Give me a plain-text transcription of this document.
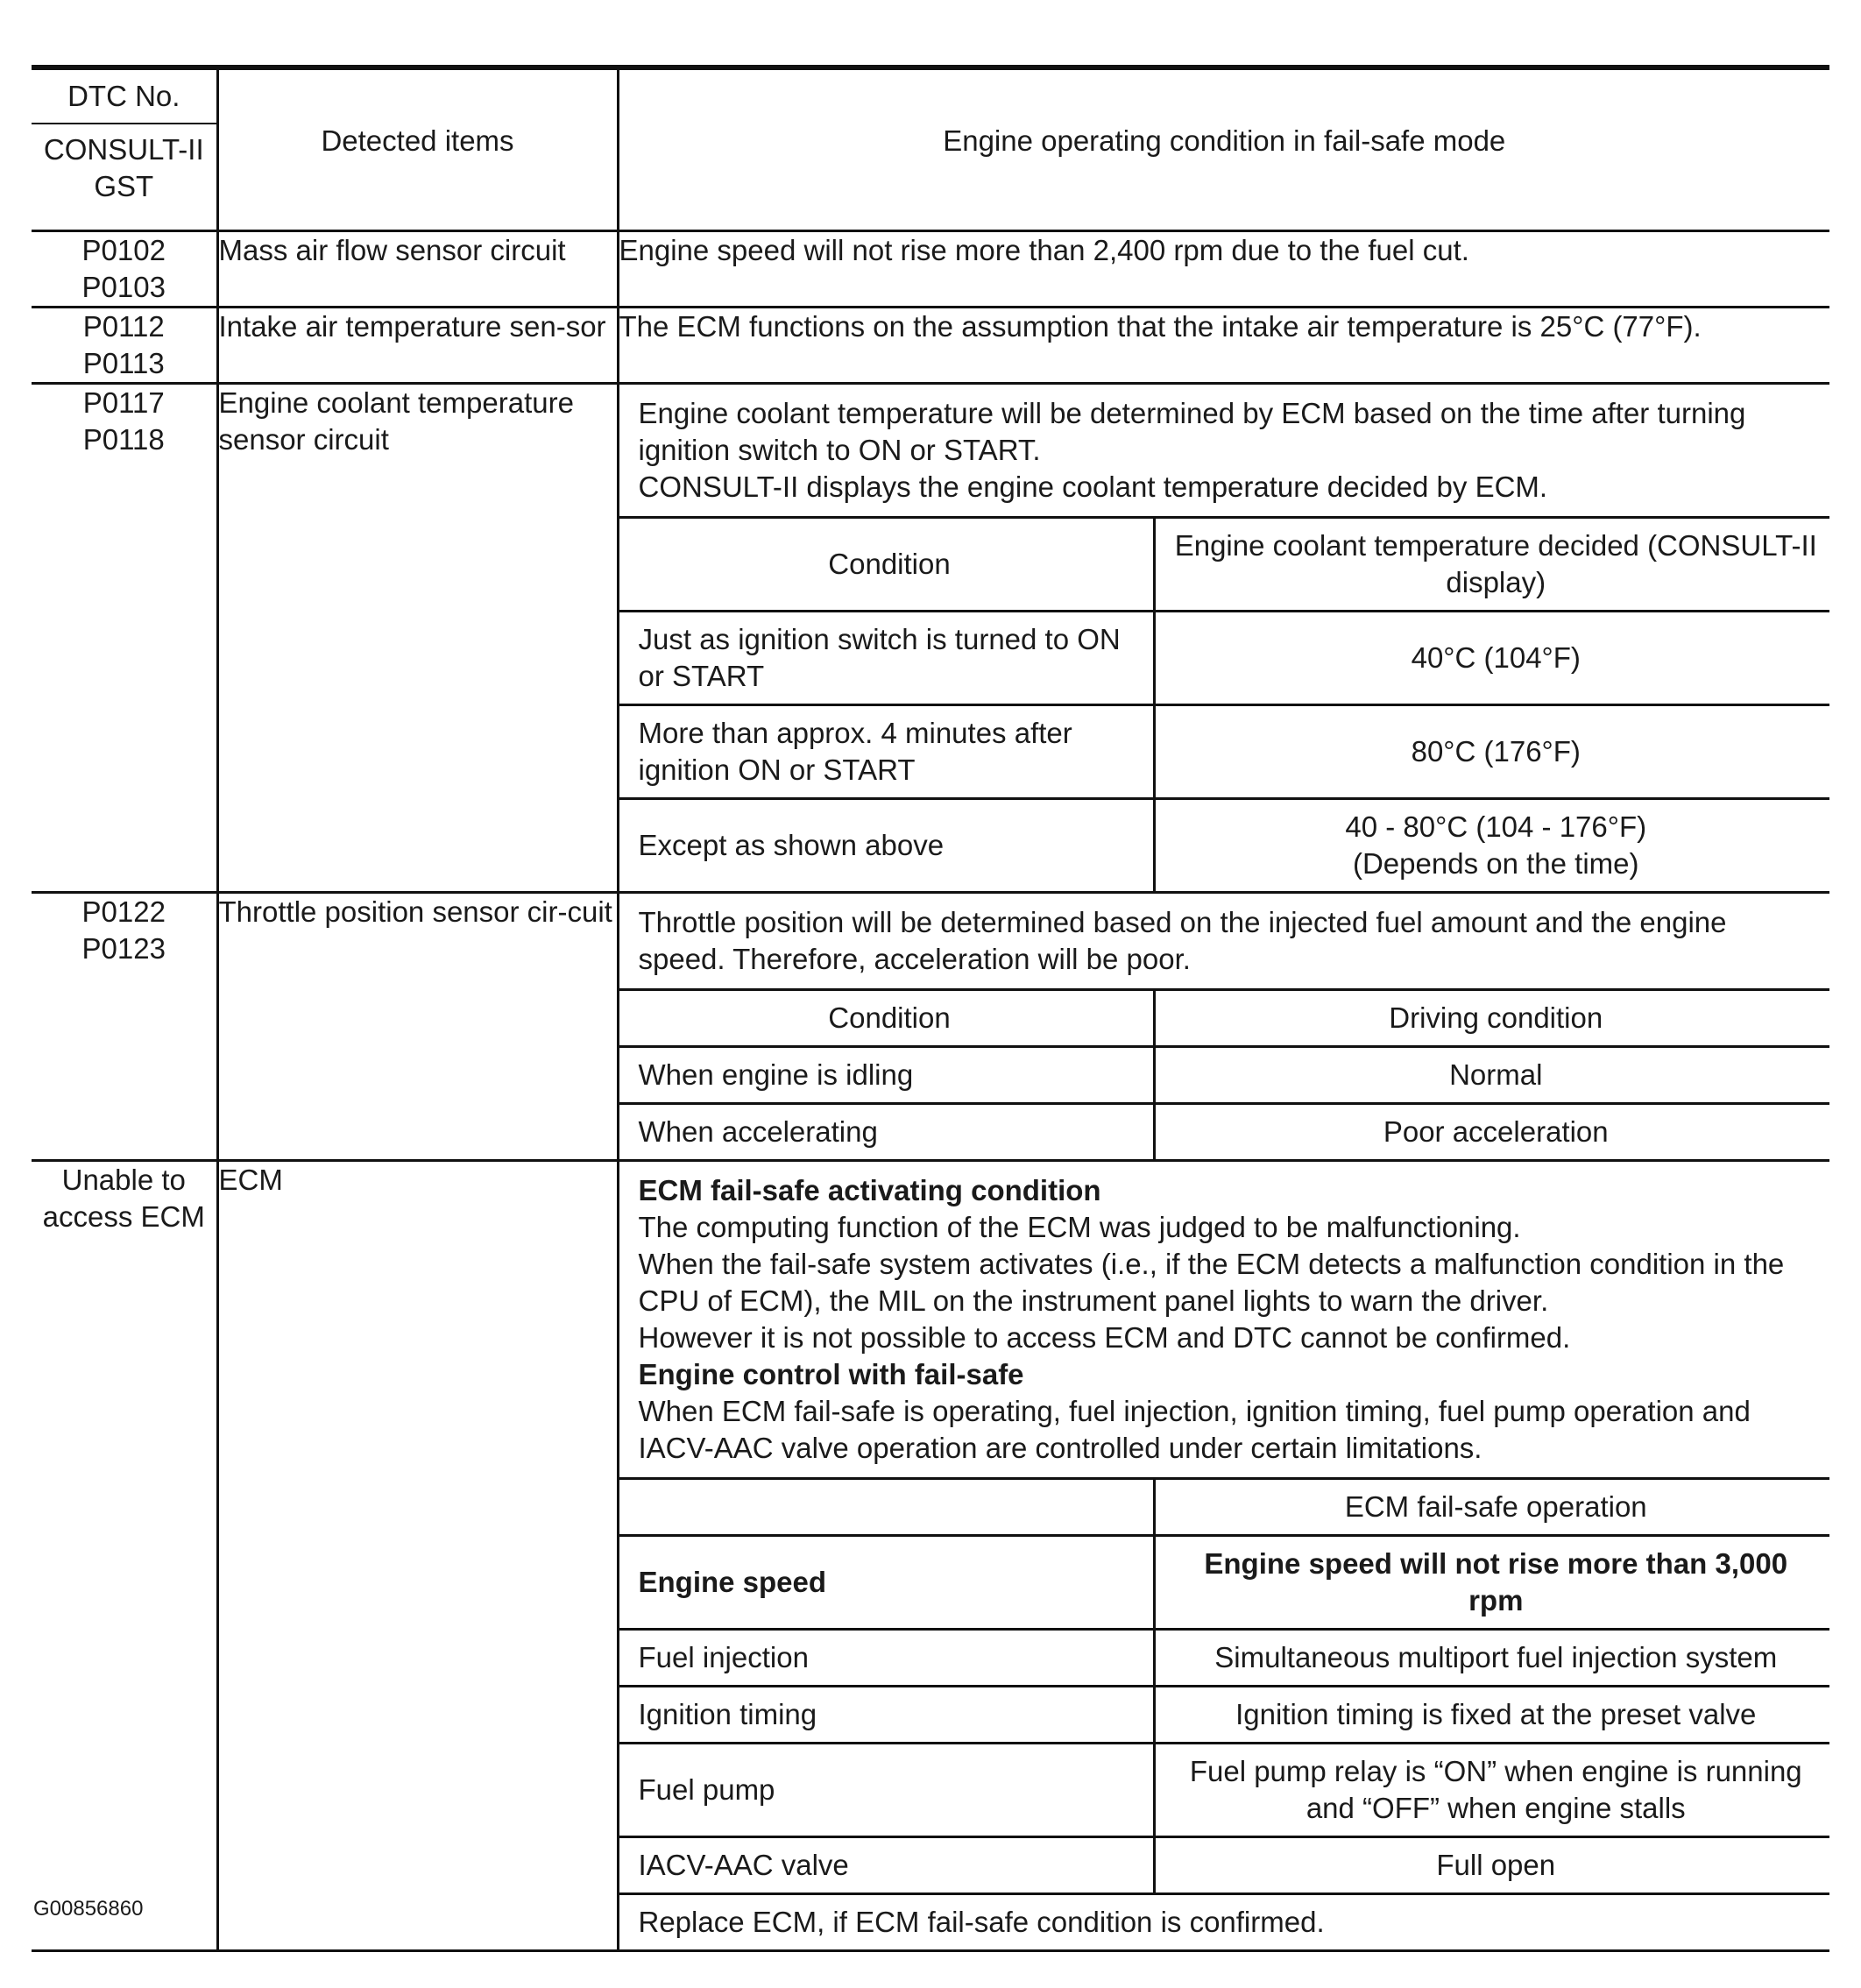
DTC No.
CONSULT-II
GST

Detected items	Engine operating condition in fail-safe mode

P0102
P0103	Mass air flow sensor circuit	Engine speed will not rise more than 2,400 rpm due to the fuel cut.
P0112
P0113	Intake air temperature sen-sor	The ECM functions on the assumption that the intake air temperature is 25°C (77°F).
P0117
P0118	Engine coolant temperature sensor circuit	
Engine coolant temperature will be determined by ECM based on the time after turning ignition switch to ON or START.
CONSULT-II displays the engine coolant temperature decided by ECM.
Condition	Engine coolant temperature decided (CONSULT-II display)
Just as ignition switch is turned to ON or START	40°C (104°F)
More than approx. 4 minutes after ignition ON or START	80°C (176°F)
Except as shown above	40 - 80°C (104 - 176°F)
(Depends on the time)

P0122
P0123	Throttle position sensor cir-cuit	Throttle position will be determined based on the injected fuel amount and the engine speed. Therefore, acceleration will be poor.
Condition	Driving condition
When engine is idling	Normal
When accelerating	Poor acceleration

Unable to
access ECM	ECM	ECM fail-safe activating condition
The computing function of the ECM was judged to be malfunctioning.
When the fail-safe system activates (i.e., if the ECM detects a malfunction condition in the CPU of ECM), the MIL on the instrument panel lights to warn the driver.
However it is not possible to access ECM and DTC cannot be confirmed.
Engine control with fail-safe
When ECM fail-safe is operating, fuel injection, ignition timing, fuel pump operation and IACV-AAC valve operation are controlled under certain limitations.
	ECM fail-safe operation
Engine speed	Engine speed will not rise more than 3,000 rpm
Fuel injection	Simultaneous multiport fuel injection system
Ignition timing	Ignition timing is fixed at the preset valve
Fuel pump	Fuel pump relay is “ON” when engine is running and “OFF” when engine stalls
IACV-AAC valve	Full open
Replace ECM, if ECM fail-safe condition is confirmed.
G00856860
